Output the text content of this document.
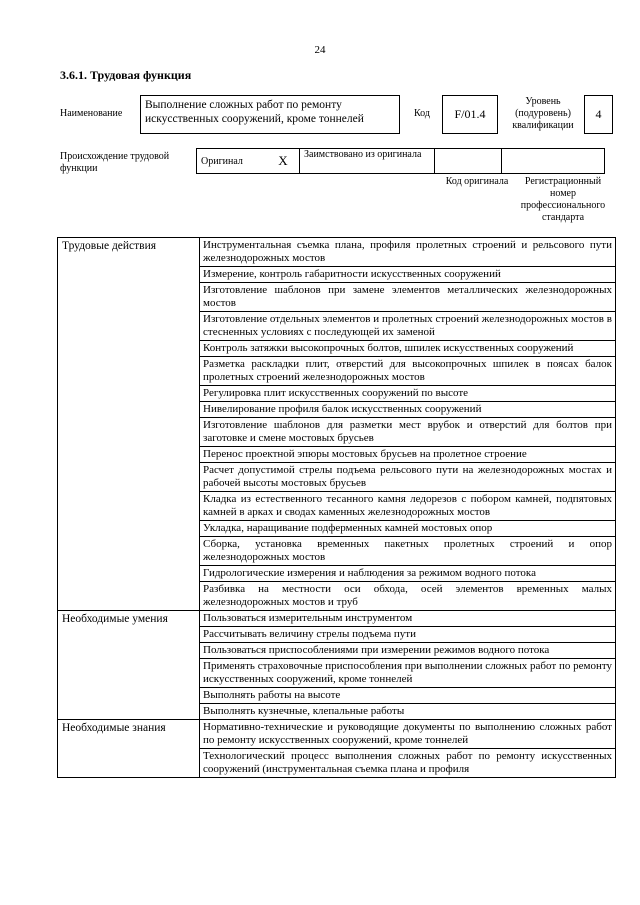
24
3.6.1. Трудовая функция
Наименование
Выполнение сложных работ по ремонту искусственных сооружений, кроме тоннелей	Код	F/01.4
Уровень (подуровень) квалификации
4
Происхождение трудовой функции
Оригинал	X	Заимствовано из оригинала		
Код оригинала	Регистрационный номер профессионального стандарта
Трудовые действия	Инструментальная съемка плана, профиля пролетных строений и рельсового пути железнодорожных мостов
	Измерение, контроль габаритности искусственных сооружений
	Изготовление шаблонов при замене элементов металлических железнодорожных мостов
	Изготовление отдельных элементов и пролетных строений железнодорожных мостов в стесненных условиях с последующей их заменой
	Контроль затяжки высокопрочных болтов, шпилек искусственных сооружений
	Разметка раскладки плит, отверстий для высокопрочных шпилек в поясах балок пролетных строений железнодорожных мостов
	Регулировка плит искусственных сооружений по высоте
	Нивелирование профиля балок искусственных сооружений
	Изготовление шаблонов для разметки мест врубок и отверстий для болтов при заготовке и смене мостовых брусьев
	Перенос проектной эпюры мостовых брусьев на пролетное строение
	Расчет допустимой стрелы подъема рельсового пути на железнодорожных мостах и рабочей высоты мостовых брусьев
	Кладка из естественного тесанного камня ледорезов с побором камней, подпятовых камней в арках и сводах каменных железнодорожных мостов
	Укладка, наращивание подферменных камней мостовых опор
	Сборка, установка временных пакетных пролетных строений и опор железнодорожных мостов
	Гидрологические измерения и наблюдения за режимом водного потока
	Разбивка на местности оси обхода, осей элементов временных малых железнодорожных мостов и труб
Необходимые умения	Пользоваться измерительным инструментом
	Рассчитывать величину стрелы подъема пути
	Пользоваться приспособлениями при измерении режимов водного потока
	Применять страховочные приспособления при выполнении сложных работ по ремонту искусственных сооружений, кроме тоннелей
	Выполнять работы на высоте
	Выполнять кузнечные, клепальные работы
Необходимые знания	Нормативно-технические и руководящие документы по выполнению сложных работ по ремонту искусственных сооружений, кроме тоннелей
	Технологический процесс выполнения сложных работ по ремонту искусственных сооружений (инструментальная съемка плана и профиля
